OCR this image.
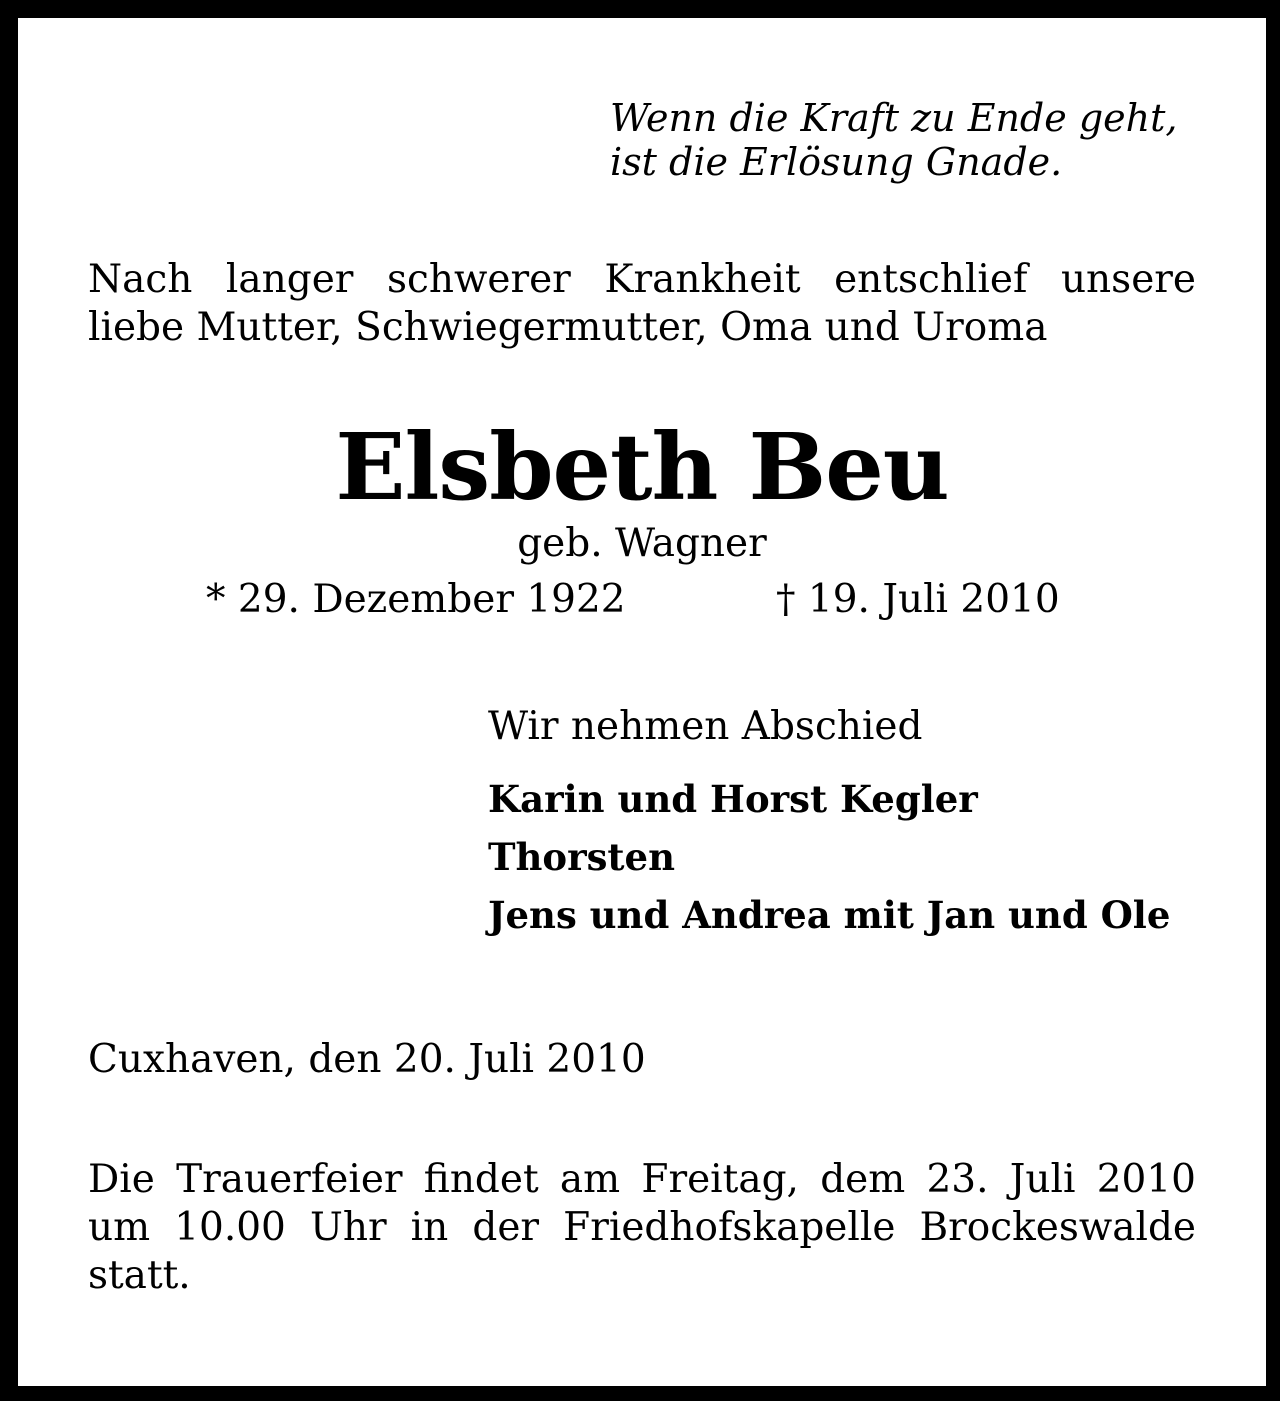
Wenn die Kraft zu Ende geht,
ist die Erlösung Gnade.
Nach langer schwerer Krankheit entschlief unsere
liebe Mutter, Schwiegermutter, Oma und Uroma
Elsbeth Beu
geb. Wagner
* 29. Dezember 1922	† 19. Juli 2010
Wir nehmen Abschied
Karin und Horst Kegler
Thorsten
Jens und Andrea mit Jan und Ole
Cuxhaven, den 20. Juli 2010
Die Trauerfeier findet am Freitag, dem 23. Juli 2010
um 10.00 Uhr in der Friedhofskapelle Brockeswalde
statt.
